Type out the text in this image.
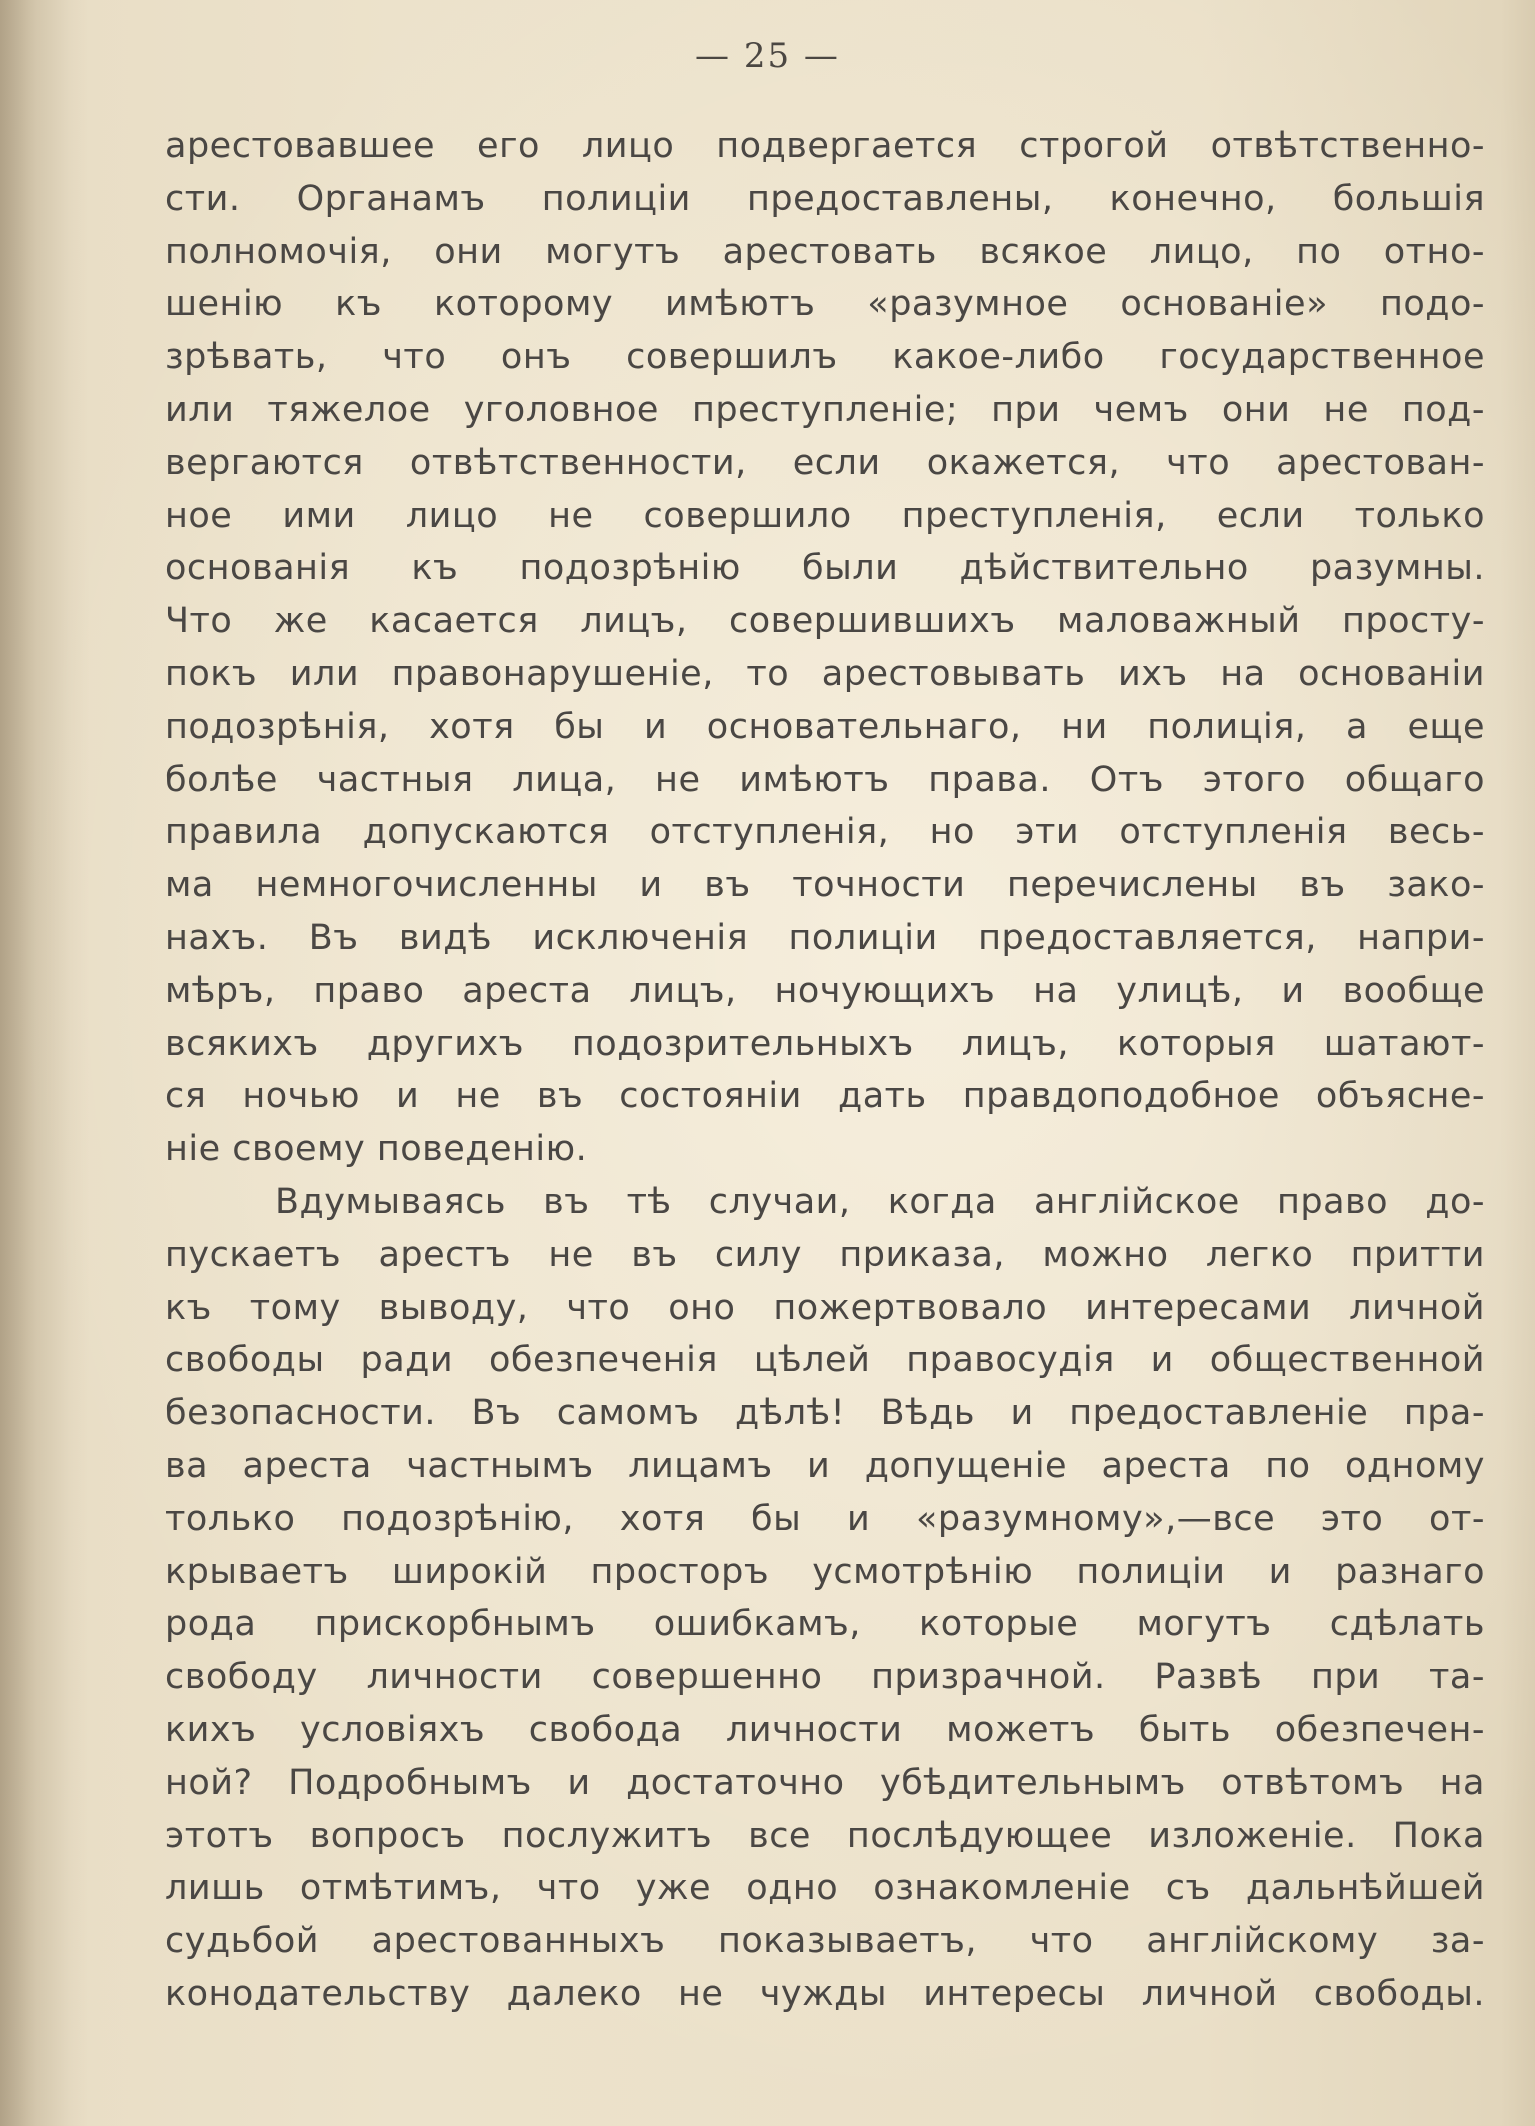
— 25 —
арестовавшее его лицо подвергается строгой отвѣтственно-
сти. Органамъ полиціи предоставлены, конечно, большія
полномочія, они могутъ арестовать всякое лицо, по отно-
шенію къ которому имѣютъ «разумное основаніе» подо-
зрѣвать, что онъ совершилъ какое-либо государственное
или тяжелое уголовное преступленіе; при чемъ они не под-
вергаются отвѣтственности, если окажется, что арестован-
ное ими лицо не совершило преступленія, если только
основанія къ подозрѣнію были дѣйствительно разумны.
Что же касается лицъ, совершившихъ маловажный просту-
покъ или правонарушеніе, то арестовывать ихъ на основаніи
подозрѣнія, хотя бы и основательнаго, ни полиція, а еще
болѣе частныя лица, не имѣютъ права. Отъ этого общаго
правила допускаются отступленія, но эти отступленія весь-
ма немногочисленны и въ точности перечислены въ зако-
нахъ. Въ видѣ исключенія полиціи предоставляется, напри-
мѣръ, право ареста лицъ, ночующихъ на улицѣ, и вообще
всякихъ другихъ подозрительныхъ лицъ, которыя шатают-
ся ночью и не въ состояніи дать правдоподобное объясне-
ніе своему поведенію.
Вдумываясь въ тѣ случаи, когда англійское право до-
пускаетъ арестъ не въ силу приказа, можно легко притти
къ тому выводу, что оно пожертвовало интересами личной
свободы ради обезпеченія цѣлей правосудія и общественной
безопасности. Въ самомъ дѣлѣ! Вѣдь и предоставленіе пра-
ва ареста частнымъ лицамъ и допущеніе ареста по одному
только подозрѣнію, хотя бы и «разумному»,—все это от-
крываетъ широкій просторъ усмотрѣнію полиціи и разнаго
рода прискорбнымъ ошибкамъ, которые могутъ сдѣлать
свободу личности совершенно призрачной. Развѣ при та-
кихъ условіяхъ свобода личности можетъ быть обезпечен-
ной? Подробнымъ и достаточно убѣдительнымъ отвѣтомъ на
этотъ вопросъ послужитъ все послѣдующее изложеніе. Пока
лишь отмѣтимъ, что уже одно ознакомленіе съ дальнѣйшей
судьбой арестованныхъ показываетъ, что англійскому за-
конодательству далеко не чужды интересы личной свободы.
